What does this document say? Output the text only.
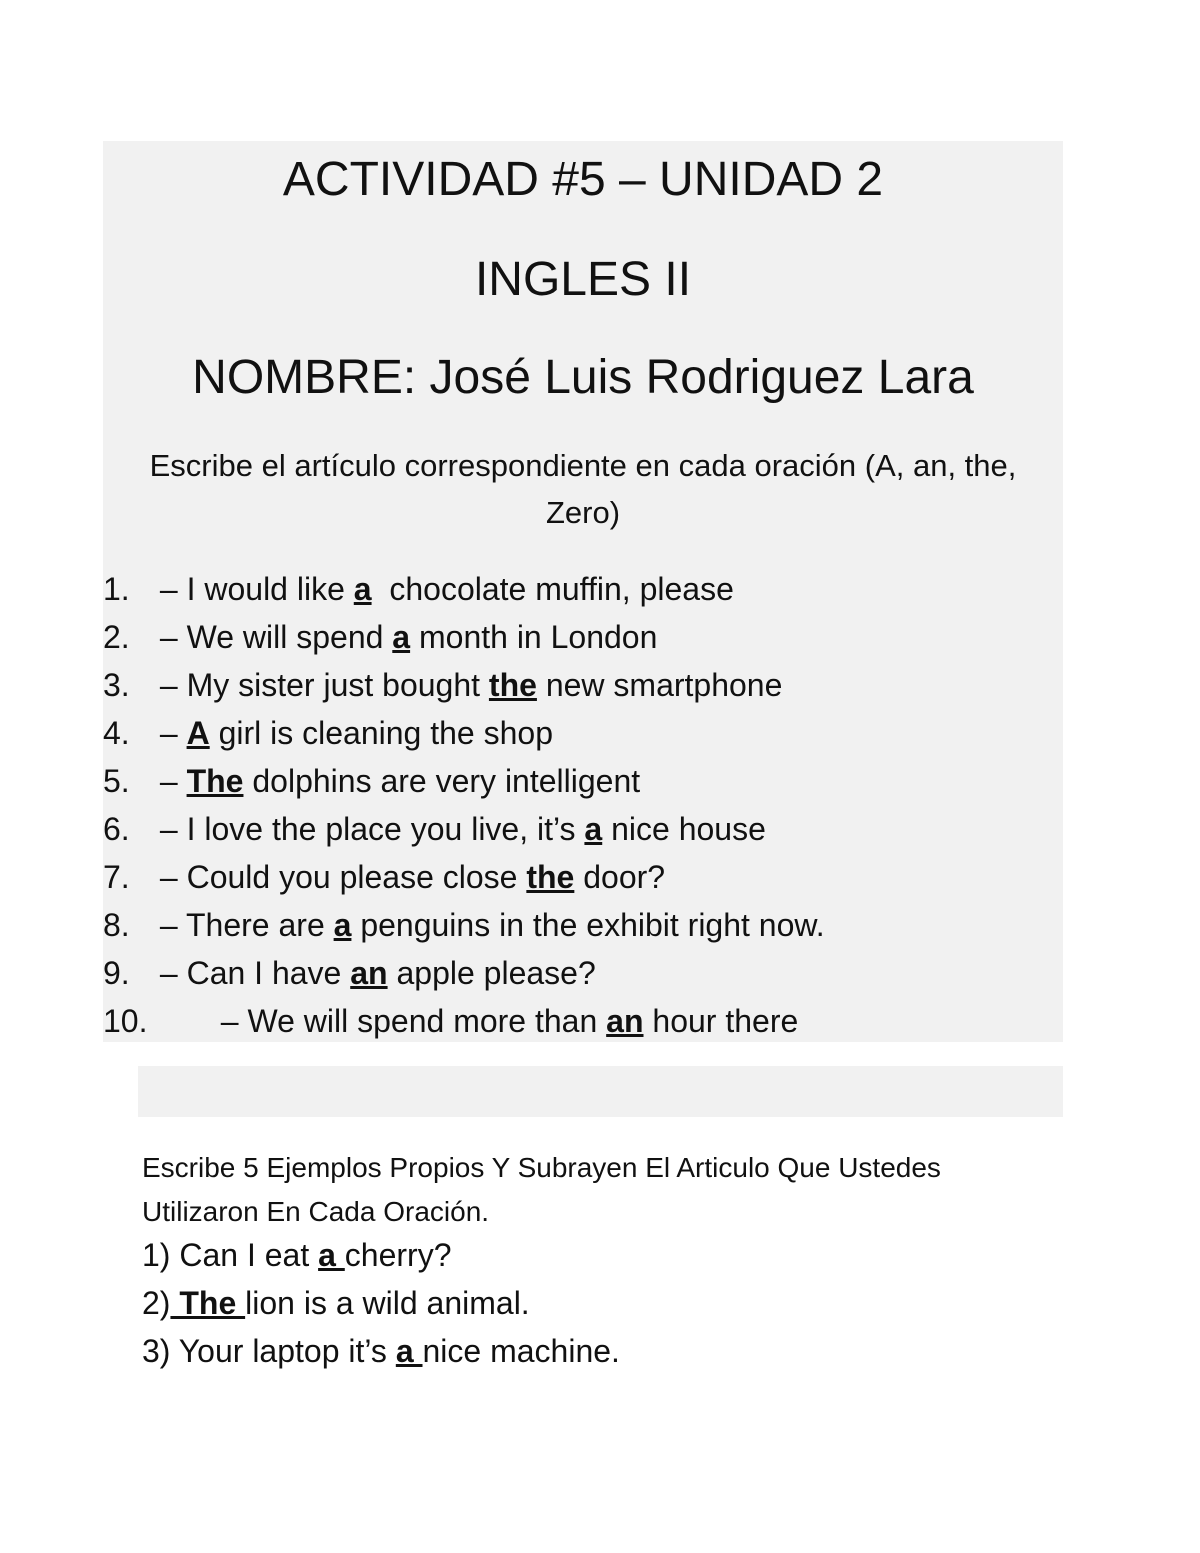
ACTIVIDAD #5 – UNIDAD 2
INGLES II
NOMBRE: José Luis Rodriguez Lara
Escribe el artículo correspondiente en cada oración (A, an, the, Zero)
1. – I would like a  chocolate muffin, please
2. – We will spend a month in London
3. – My sister just bought the new smartphone
4. – A girl is cleaning the shop
5. – The dolphins are very intelligent
6. – I love the place you live, it’s a nice house
7. – Could you please close the door?
8. – There are a penguins in the exhibit right now.
9. – Can I have an apple please?
10.  – We will spend more than an hour there
Escribe 5 Ejemplos Propios Y Subrayen El Articulo Que Ustedes Utilizaron En Cada Oración.
1) Can I eat a cherry?
2) The lion is a wild animal.
3) Your laptop it’s a nice machine.
